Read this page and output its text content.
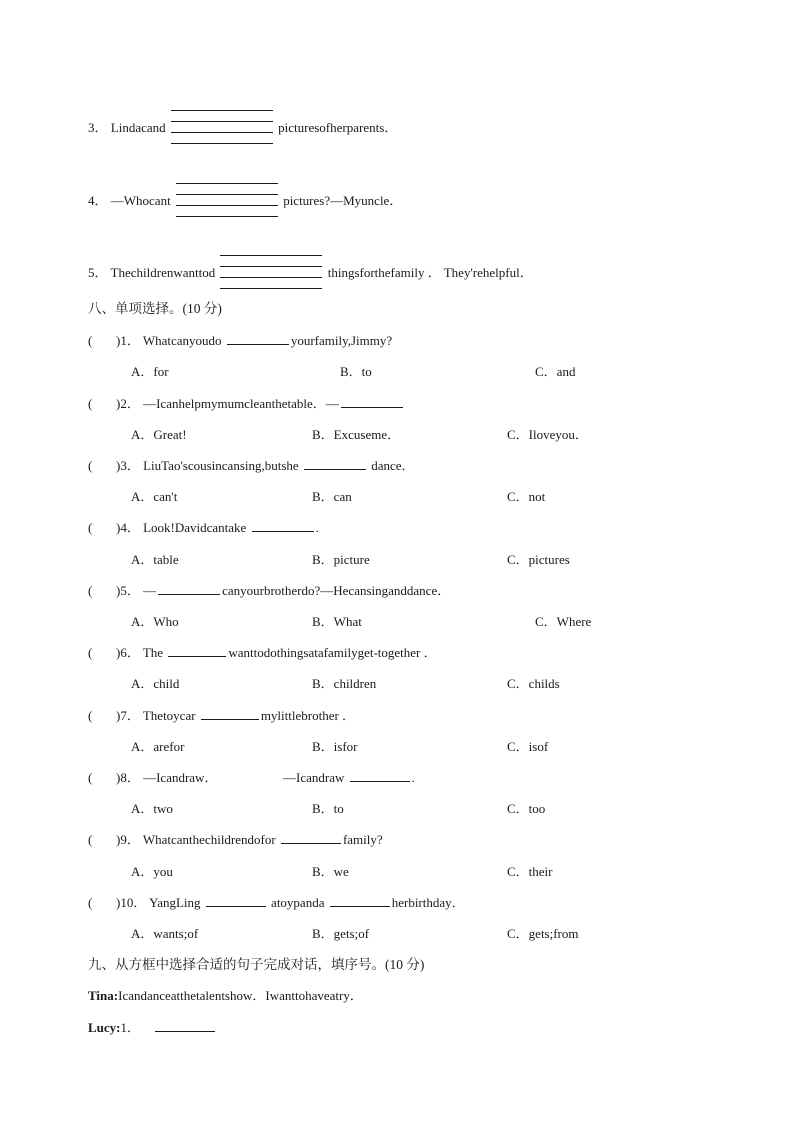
3． Lindacand	picturesofherparents．
4． —Whocant	pictures?—Myuncle．
5． Thechildrenwanttod	thingsforthefamily ． They'rehelpful．
八、单项选择。(10 分)
( )1． Whatcanyoudo	yourfamily,Jimmy?
A．for	B．to	C．and
( )2． —Icanhelpmymumcleanthetable．—
A．Great!	B．Excuseme．	C．Iloveyou．
( )3． LiuTao'scousincansing,butshe	dance．
A．can't	B．can	C．not
( )4． Look!Davidcantake	.
A．table	B．picture	C．pictures
( )5． —	canyourbrotherdo?—Hecansinganddance．
A．Who	B．What	C．Where
( )6． The	wanttodothingsatafamilyget-together ．
A．child	B．children	C．childs
( )7． Thetoycar	mylittlebrother ．
A．arefor	B．isfor	C．isof
( )8． —Icandraw．	—Icandraw	.
A．two	B．to	C．too
( )9． Whatcanthechildrendofor	family?
A．you	B．we	C．their
( )10． YangLing	atoypanda	herbirthday．
A．wants;of	B．gets;of	C．gets;from
九、从方框中选择合适的句子完成对话，填序号。(10 分)
Tina:Icandanceatthetalentshow．Iwanttohaveatry．
Lucy:1．
